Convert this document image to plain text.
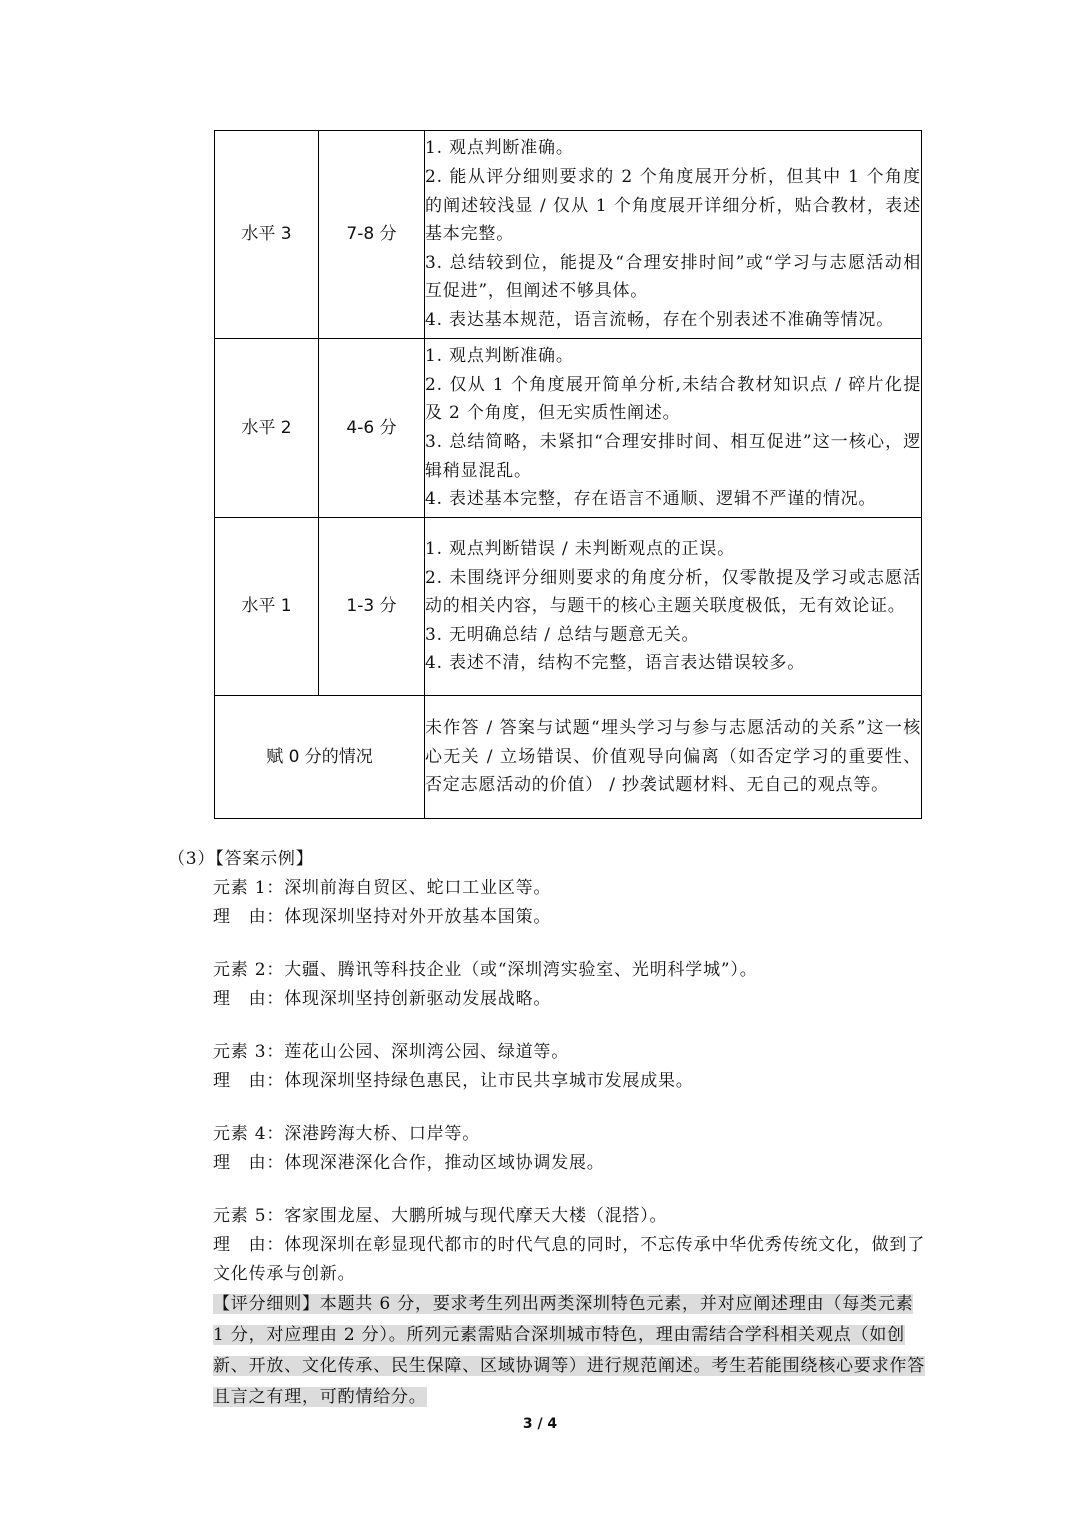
水平 3	7-8 分	1. 观点判断准确。
2. 能从评分细则要求的 2 个角度展开分析，但其中 1 个角度的阐述较浅显 / 仅从 1 个角度展开详细分析，贴合教材，表述基本完整。
3. 总结较到位，能提及“合理安排时间”或“学习与志愿活动相互促进”，但阐述不够具体。
4. 表达基本规范，语言流畅，存在个别表述不准确等情况。

水平 2	4-6 分	1. 观点判断准确。
2. 仅从 1 个角度展开简单分析,未结合教材知识点 / 碎片化提及 2 个角度，但无实质性阐述。
3. 总结简略，未紧扣“合理安排时间、相互促进”这一核心，逻辑稍显混乱。
4. 表述基本完整，存在语言不通顺、逻辑不严谨的情况。

水平 1	1-3 分	1. 观点判断错误 / 未判断观点的正误。
2. 未围绕评分细则要求的角度分析，仅零散提及学习或志愿活动的相关内容，与题干的核心主题关联度极低，无有效论证。
3. 无明确总结 / 总结与题意无关。
4. 表述不清，结构不完整，语言表达错误较多。

赋 0 分的情况		未作答 / 答案与试题“埋头学习与参与志愿活动的关系”这一核心无关 / 立场错误、价值观导向偏离（如否定学习的重要性、否定志愿活动的价值） / 抄袭试题材料、无自己的观点等。
（3）【答案示例】
元素 1：深圳前海自贸区、蛇口工业区等。
理　由：体现深圳坚持对外开放基本国策。
元素 2：大疆、腾讯等科技企业（或“深圳湾实验室、光明科学城”）。
理　由：体现深圳坚持创新驱动发展战略。
元素 3：莲花山公园、深圳湾公园、绿道等。
理　由：体现深圳坚持绿色惠民，让市民共享城市发展成果。
元素 4：深港跨海大桥、口岸等。
理　由：体现深港深化合作，推动区域协调发展。
元素 5：客家围龙屋、大鹏所城与现代摩天大楼（混搭）。
理　由：体现深圳在彰显现代都市的时代气息的同时，不忘传承中华优秀传统文化，做到了文化传承与创新。
【评分细则】本题共 6 分，要求考生列出两类深圳特色元素，并对应阐述理由（每类元素 1 分，对应理由 2 分）。所列元素需贴合深圳城市特色，理由需结合学科相关观点（如创新、开放、文化传承、民生保障、区域协调等）进行规范阐述。考生若能围绕核心要求作答且言之有理，可酌情给分。
3 / 4
